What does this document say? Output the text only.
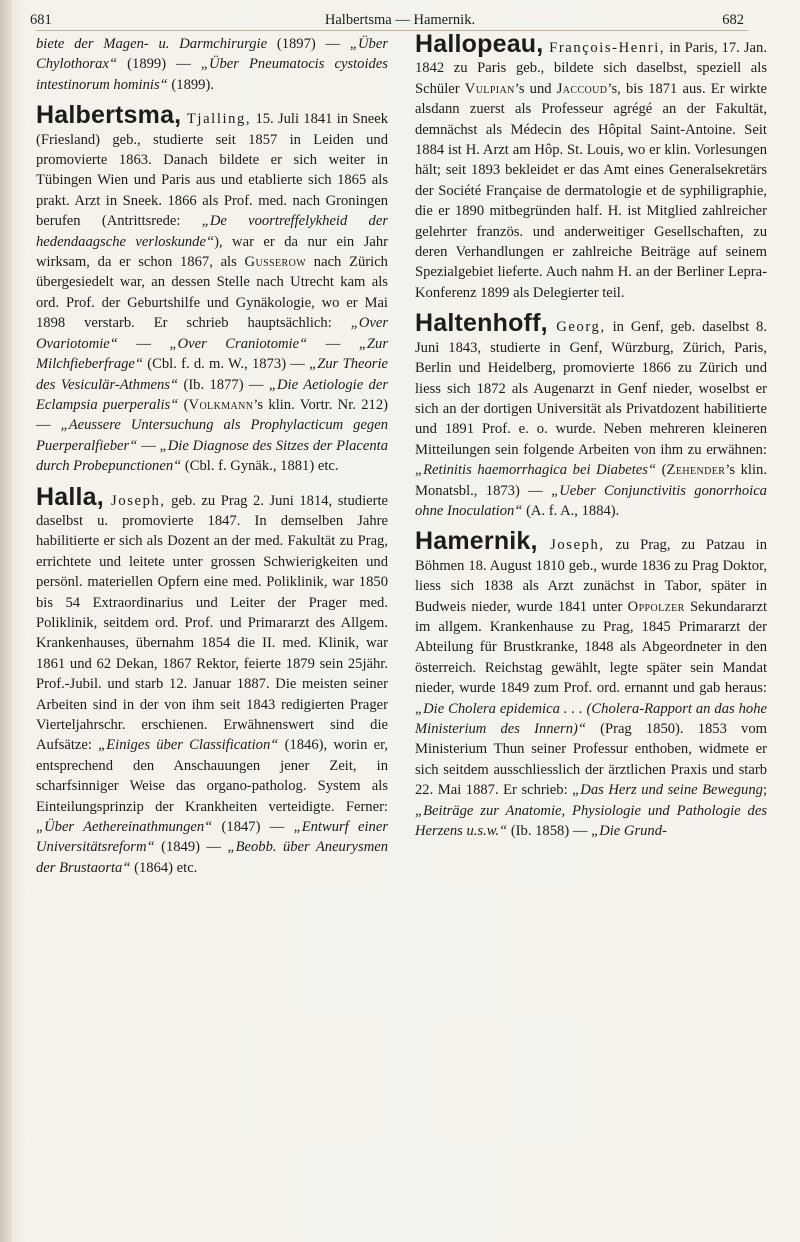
681	Halbertsma — Hamernik.	682

biete der Magen- u. Darmchirurgie (1897) — „Über Chylothorax“ (1899) — „Über Pneumatocis cystoides intestinorum hominis“ (1899).

Halbertsma, Tjalling, 15. Juli 1841 in Sneek (Friesland) geb., studierte seit 1857 in Leiden und promovierte 1863. Danach bildete er sich weiter in Tübingen Wien und Paris aus und etablierte sich 1865 als prakt. Arzt in Sneek. 1866 als Prof. med. nach Groningen berufen (Antrittsrede: „De voortreffelykheid der hedendaagsche verloskunde“), war er da nur ein Jahr wirksam, da er schon 1867, als Gusserow nach Zürich übergesiedelt war, an dessen Stelle nach Utrecht kam als ord. Prof. der Geburtshilfe und Gynäkologie, wo er Mai 1898 verstarb. Er schrieb hauptsächlich: „Over Ovariotomie“ — „Over Craniotomie“ — „Zur Milchfieberfrage“ (Cbl. f. d. m. W., 1873) — „Zur Theorie des Vesiculär-Athmens“ (Ib. 1877) — „Die Aetiologie der Eclampsia puerperalis“ (Volkmann’s klin. Vortr. Nr. 212) — „Aeussere Untersuchung als Prophylacticum gegen Puerperalfieber“ — „Die Diagnose des Sitzes der Placenta durch Probepunctionen“ (Cbl. f. Gynäk., 1881) etc.

Halla, Joseph, geb. zu Prag 2. Juni 1814, studierte daselbst u. promovierte 1847. In demselben Jahre habilitierte er sich als Dozent an der med. Fakultät zu Prag, errichtete und leitete unter grossen Schwierigkeiten und persönl. materiellen Opfern eine med. Poliklinik, war 1850 bis 54 Extraordinarius und Leiter der Prager med. Poliklinik, seitdem ord. Prof. und Primararzt des Allgem. Krankenhauses, übernahm 1854 die II. med. Klinik, war 1861 und 62 Dekan, 1867 Rektor, feierte 1879 sein 25jähr. Prof.-Jubil. und starb 12. Januar 1887. Die meisten seiner Arbeiten sind in der von ihm seit 1843 redigierten Prager Vierteljahrschr. erschienen. Erwähnenswert sind die Aufsätze: „Einiges über Classification“ (1846), worin er, entsprechend den Anschauungen jener Zeit, in scharfsinniger Weise das organo-patholog. System als Einteilungsprinzip der Krankheiten verteidigte. Ferner: „Über Aethereinathmungen“ (1847) — „Entwurf einer Universitätsreform“ (1849) — „Beobb. über Aneurysmen der Brustaorta“ (1864) etc.

Hallopeau, François-Henri, in Paris, 17. Jan. 1842 zu Paris geb., bildete sich daselbst, speziell als Schüler Vulpian’s und Jaccoud’s, bis 1871 aus. Er wirkte alsdann zuerst als Professeur agrégé an der Fakultät, demnächst als Médecin des Hôpital Saint-Antoine. Seit 1884 ist H. Arzt am Hôp. St. Louis, wo er klin. Vorlesungen hält; seit 1893 bekleidet er das Amt eines Generalsekretärs der Société Française de dermatologie et de syphiligraphie, die er 1890 mitbegründen half. H. ist Mitglied zahlreicher gelehrter französ. und anderweitiger Gesellschaften, zu deren Verhandlungen er zahlreiche Beiträge auf seinem Spezialgebiet lieferte. Auch nahm H. an der Berliner Lepra-Konferenz 1899 als Delegierter teil.

Haltenhoff, Georg, in Genf, geb. daselbst 8. Juni 1843, studierte in Genf, Würzburg, Zürich, Paris, Berlin und Heidelberg, promovierte 1866 zu Zürich und liess sich 1872 als Augenarzt in Genf nieder, woselbst er sich an der dortigen Universität als Privatdozent habilitierte und 1891 Prof. e. o. wurde. Neben mehreren kleineren Mitteilungen sein folgende Arbeiten von ihm zu erwähnen: „Retinitis haemorrhagica bei Diabetes“ (Zehender’s klin. Monatsbl., 1873) — „Ueber Conjunctivitis gonorrhoica ohne Inoculation“ (A. f. A., 1884).

Hamernik, Joseph, zu Prag, zu Patzau in Böhmen 18. August 1810 geb., wurde 1836 zu Prag Doktor, liess sich 1838 als Arzt zunächst in Tabor, später in Budweis nieder, wurde 1841 unter Oppolzer Sekundararzt im allgem. Krankenhause zu Prag, 1845 Primararzt der Abteilung für Brustkranke, 1848 als Abgeordneter in den österreich. Reichstag gewählt, legte später sein Mandat nieder, wurde 1849 zum Prof. ord. ernannt und gab heraus: „Die Cholera epidemica . . . (Cholera-Rapport an das hohe Ministerium des Innern)“ (Prag 1850). 1853 vom Ministerium Thun seiner Professur enthoben, widmete er sich seitdem ausschliesslich der ärztlichen Praxis und starb 22. Mai 1887. Er schrieb: „Das Herz und seine Bewegung; „Beiträge zur Anatomie, Physiologie und Pathologie des Herzens u.s.w.“ (Ib. 1858) — „Die Grund-
